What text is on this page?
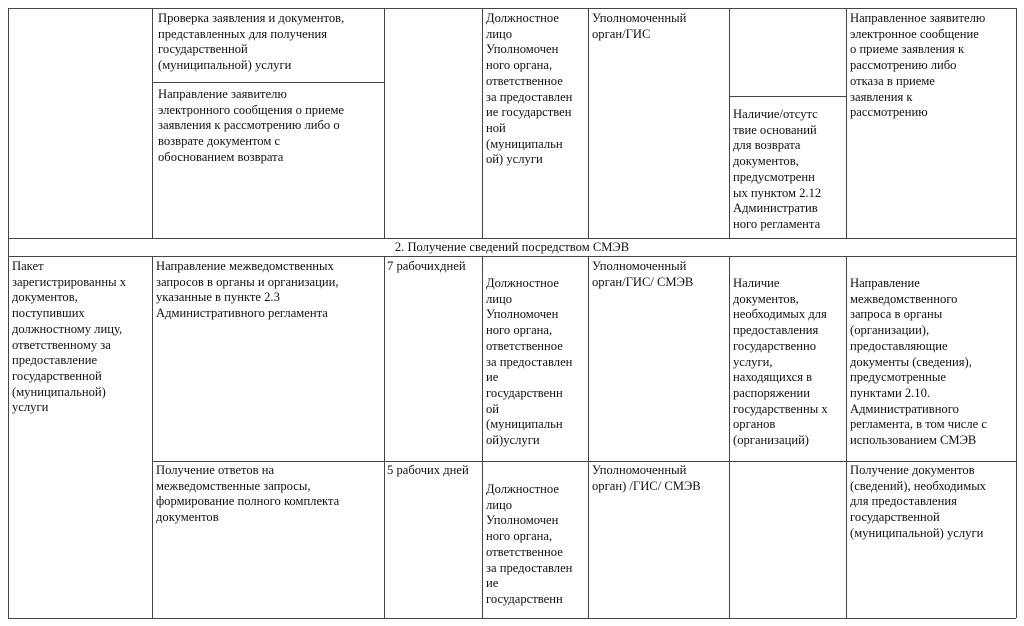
Проверка заявления и документов,
представленных для получения
государственной
(муниципальной) услуги
Направление заявителю
электронного сообщения о приеме
заявления к рассмотрению либо о
возврате документом с
обоснованием возврата
Должностное
лицо
Уполномочен
ного органа,
ответственное
за предоставлен
ие государствен
ной
(муниципальн
ой) услуги
Уполномоченный
орган/ГИС
Наличие/отсутс
твие оснований
для возврата
документов,
предусмотренн
ых пунктом 2.12
Административ
ного регламента
Направленное заявителю
электронное сообщение
о приеме заявления к
рассмотрению либо
отказа в приеме
заявления к
рассмотрению
2. Получение сведений посредством СМЭВ
Пакет
зарегистрированны х
документов,
поступивших
должностному лицу,
ответственному за
предоставление
государственной
(муниципальной)
услуги
Направление межведомственных
запросов в органы и организации,
указанные в пункте 2.3
Административного регламента
7 рабочихдней
Должностное
лицо
Уполномочен
ного органа,
ответственное
за предоставлен
ие
государственн
ой
(муниципальн
ой)услуги
Уполномоченный
орган/ГИС/ СМЭВ	Наличие
документов,
необходимых для
предоставления
государственно
услуги,
находящихся в
распоряжении
государственны х
органов
(организаций)
Направление
межведомственного
запроса в органы
(организации),
предоставляющие
документы (сведения),
предусмотренные
пунктами 2.10.
Административного
регламента, в том числе с
использованием СМЭВ
Получение ответов на
межведомственные запросы,
формирование полного комплекта
документов
5 рабочих дней
Должностное
лицо
Уполномочен
ного органа,
ответственное
за предоставлен
ие
государственн
Уполномоченный
орган) /ГИС/ СМЭВ
Получение документов
(сведений), необходимых
для предоставления
государственной
(муниципальной) услуги
